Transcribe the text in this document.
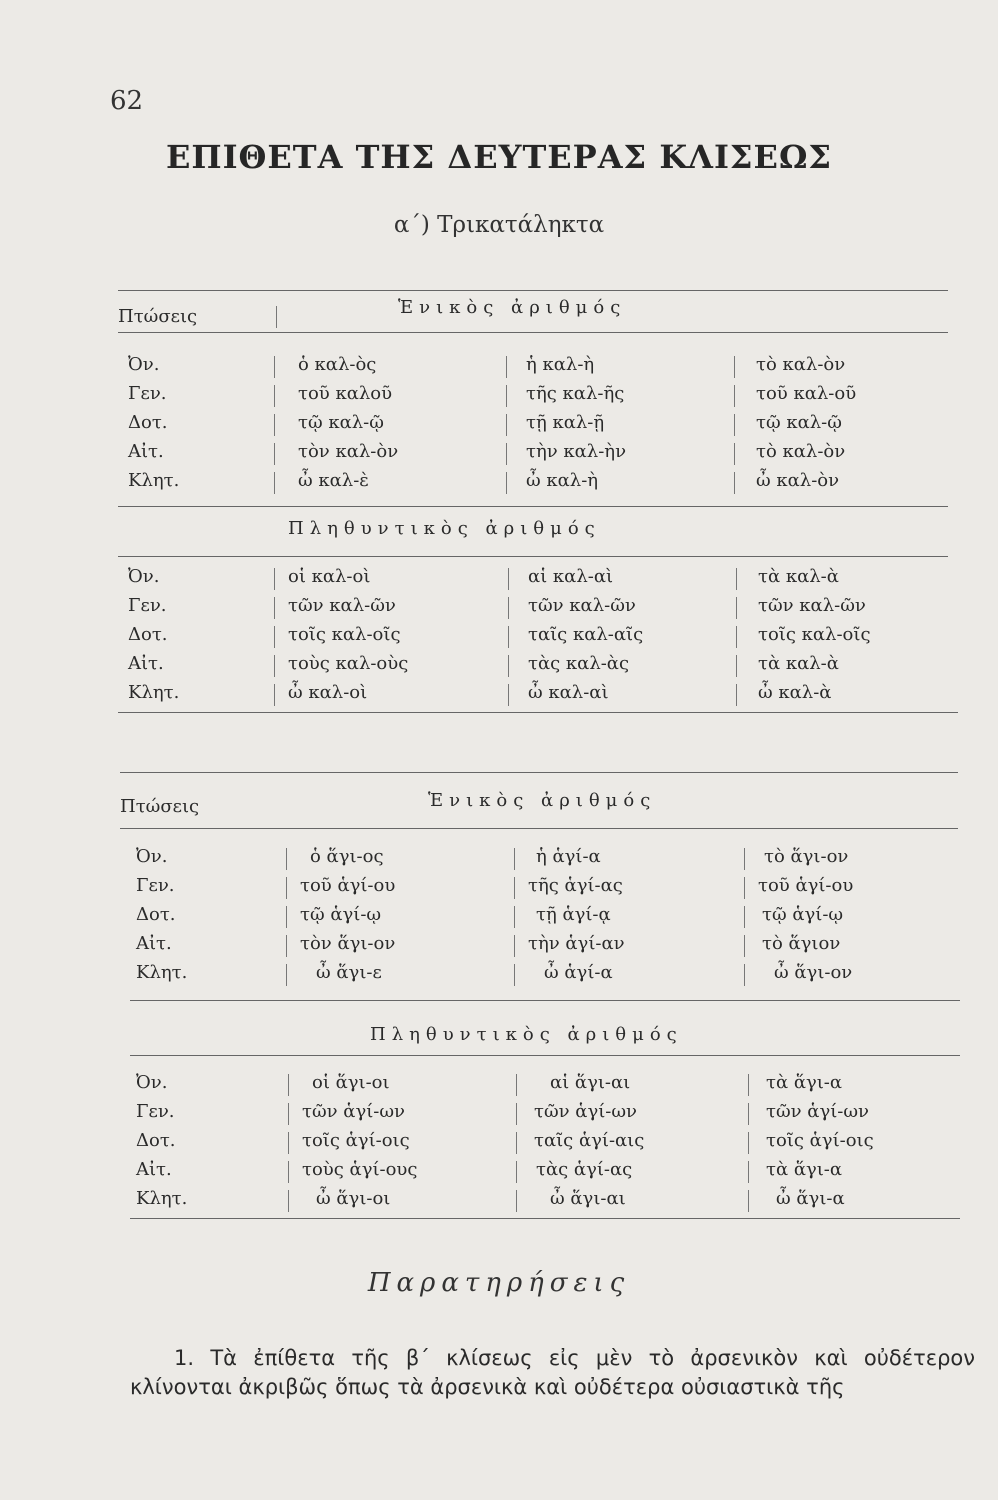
62
ΕΠΙΘΕΤΑ ΤΗΣ ΔΕΥΤΕΡΑΣ ΚΛΙΣΕΩΣ
α΄) Τρικατάληκτα
Πτώσεις	Ἑνικὸς ἀριθμός
Ὀν.	ὁ καλ-ὸς	ἡ καλ-ὴ	τὸ καλ-ὸν
Γεν.	τοῦ καλοῦ	τῆς καλ-ῆς	τοῦ καλ-οῦ
Δοτ.	τῷ καλ-ῷ	τῇ καλ-ῇ	τῷ καλ-ῷ
Αἰτ.	τὸν καλ-ὸν	τὴν καλ-ὴν	τὸ καλ-ὸν
Κλητ.	ὦ καλ-ὲ	ὦ καλ-ὴ	ὦ καλ-ὸν
Πληθυντικὸς ἀριθμός
Ὀν.	οἱ καλ-οὶ	αἱ καλ-αὶ	τὰ καλ-ὰ
Γεν.	τῶν καλ-ῶν	τῶν καλ-ῶν	τῶν καλ-ῶν
Δοτ.	τοῖς καλ-οῖς	ταῖς καλ-αῖς	τοῖς καλ-οῖς
Αἰτ.	τοὺς καλ-οὺς	τὰς καλ-ὰς	τὰ καλ-ὰ
Κλητ.	ὦ καλ-οὶ	ὦ καλ-αὶ	ὦ καλ-ὰ
Πτώσεις	Ἑνικὸς ἀριθμός
Ὀν.	ὁ ἅγι-ος	ἡ ἁγί-α	τὸ ἅγι-ον
Γεν.	τοῦ ἁγί-ου	τῆς ἁγί-ας	τοῦ ἁγί-ου
Δοτ.	τῷ ἁγί-ῳ	τῇ ἁγί-ᾳ	τῷ ἁγί-ῳ
Αἰτ.	τὸν ἅγι-ον	τὴν ἁγί-αν	τὸ ἅγιον
Κλητ.	ὦ ἅγι-ε	ὦ ἁγί-α	ὦ ἅγι-ον
Πληθυντικὸς ἀριθμός
Ὀν.	οἱ ἅγι-οι	αἱ ἅγι-αι	τὰ ἅγι-α
Γεν.	τῶν ἁγί-ων	τῶν ἁγί-ων	τῶν ἁγί-ων
Δοτ.	τοῖς ἁγί-οις	ταῖς ἁγί-αις	τοῖς ἁγί-οις
Αἰτ.	τοὺς ἁγί-ους	τὰς ἁγί-ας	τὰ ἅγι-α
Κλητ.	ὦ ἅγι-οι	ὦ ἅγι-αι	ὦ ἅγι-α
Παρατηρήσεις
1. Τὰ ἐπίθετα τῆς β΄ κλίσεως εἰς μὲν τὸ ἀρσενικὸν καὶ οὐδέτερον
κλίνονται ἀκριβῶς ὅπως τὰ ἀρσενικὰ καὶ οὐδέτερα οὐσιαστικὰ τῆς
